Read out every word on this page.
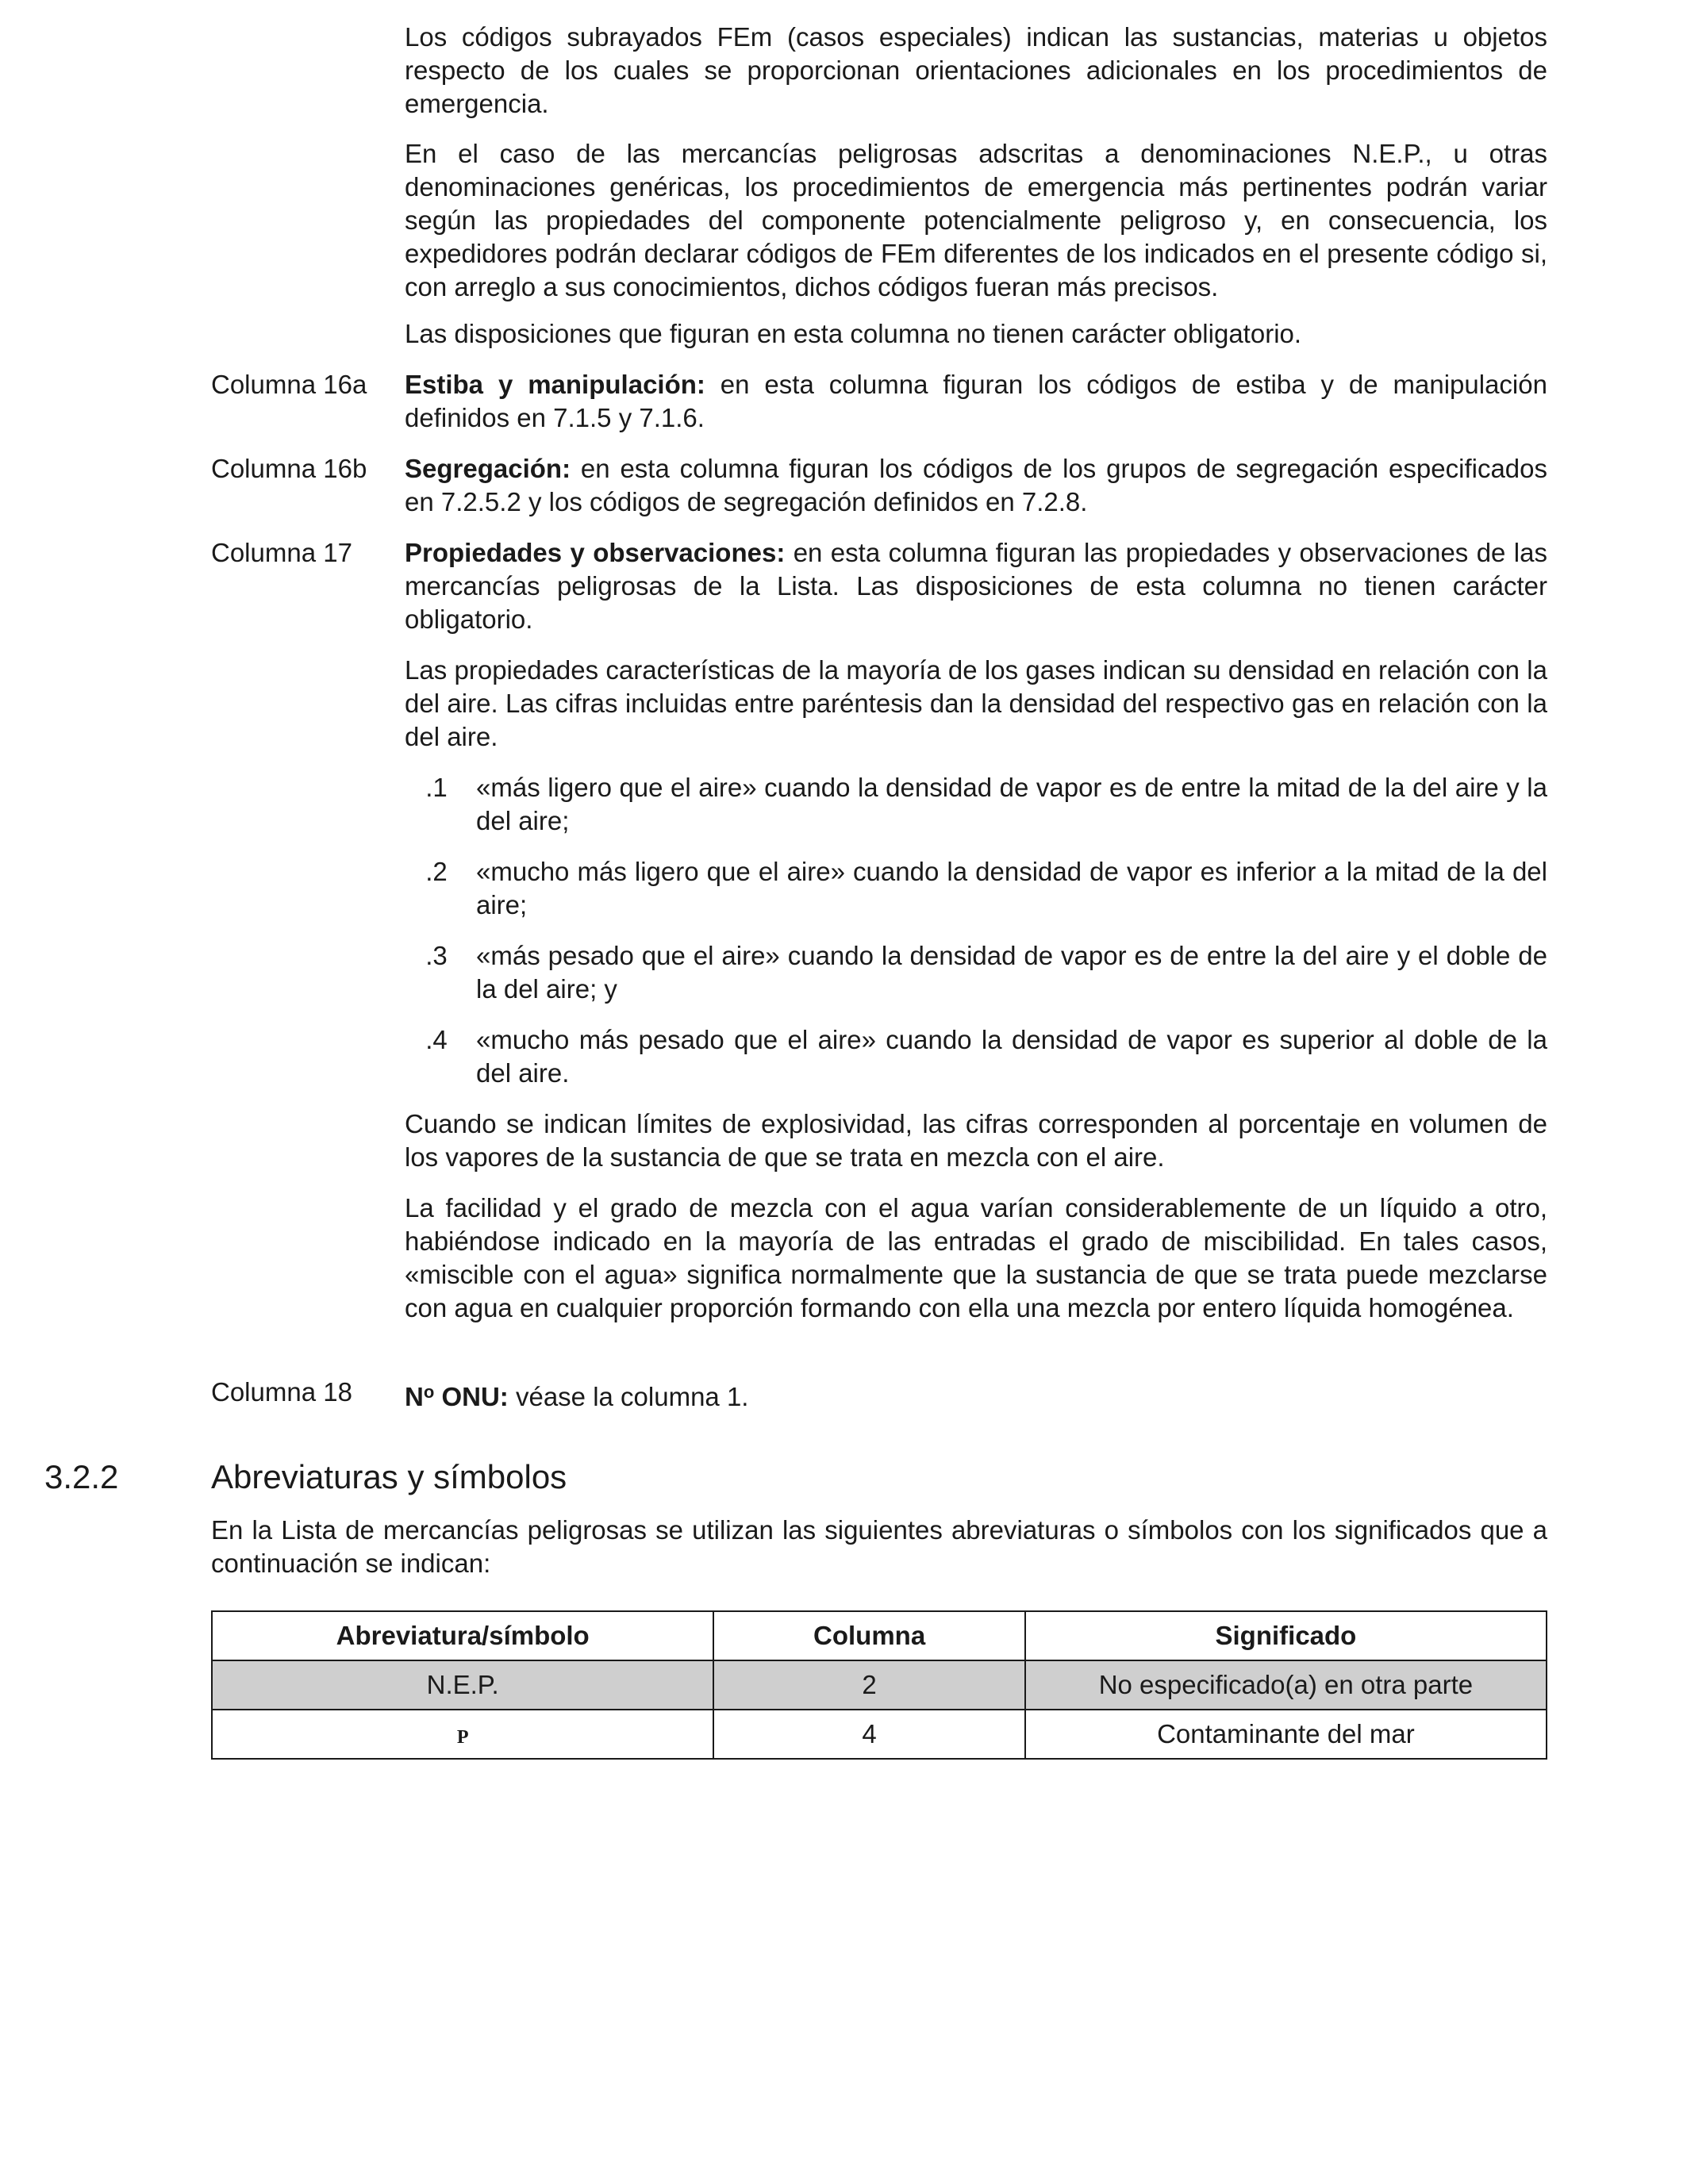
Los códigos subrayados FEm (casos especiales) indican las sustancias, materias u objetos respecto de los cuales se proporcionan orientaciones adicionales en los procedimientos de emergencia.

En el caso de las mercancías peligrosas adscritas a denominaciones N.E.P., u otras denominaciones genéricas, los procedimientos de emergencia más pertinentes podrán variar según las propiedades del componente potencialmente peligroso y, en consecuencia, los expedidores podrán declarar códigos de FEm diferentes de los indicados en el presente código si, con arreglo a sus conocimientos, dichos códigos fueran más precisos.

Las disposiciones que figuran en esta columna no tienen carácter obligatorio.

Columna 16a	Estiba y manipulación: en esta columna figuran los códigos de estiba y de manipulación definidos en 7.1.5 y 7.1.6.
Columna 16b	Segregación: en esta columna figuran los códigos de los grupos de segregación especificados en 7.2.5.2 y los códigos de segregación definidos en 7.2.8.
Columna 17	Propiedades y observaciones: en esta columna figuran las propiedades y observaciones de las mercancías peligrosas de la Lista. Las disposiciones de esta columna no tienen carácter obligatorio.

Las propiedades características de la mayoría de los gases indican su densidad en relación con la del aire. Las cifras incluidas entre paréntesis dan la densidad del respectivo gas en relación con la del aire.

.1	«más ligero que el aire» cuando la densidad de vapor es de entre la mitad de la del aire y la del aire;
.2	«mucho más ligero que el aire» cuando la densidad de vapor es inferior a la mitad de la del aire;
.3	«más pesado que el aire» cuando la densidad de vapor es de entre la del aire y el doble de la del aire; y
.4	«mucho más pesado que el aire» cuando la densidad de vapor es superior al doble de la del aire.

Cuando se indican límites de explosividad, las cifras corresponden al porcentaje en volumen de los vapores de la sustancia de que se trata en mezcla con el aire.

La facilidad y el grado de mezcla con el agua varían considerablemente de un líquido a otro, habiéndose indicado en la mayoría de las entradas el grado de miscibilidad. En tales casos, «miscible con el agua» significa normalmente que la sustancia de que se trata puede mezclarse con agua en cualquier proporción formando con ella una mezcla por entero líquida homogénea.

Columna 18	$N^o$ ONU: véase la columna 1.
3.2.2	Abreviaturas y símbolos

En la Lista de mercancías peligrosas se utilizan las siguientes abreviaturas o símbolos con los significados que a continuación se indican:

Abreviatura/símbolo	Columna	Significado
N.E.P.	2	No especificado(a) en otra parte
P	4	Contaminante del mar
